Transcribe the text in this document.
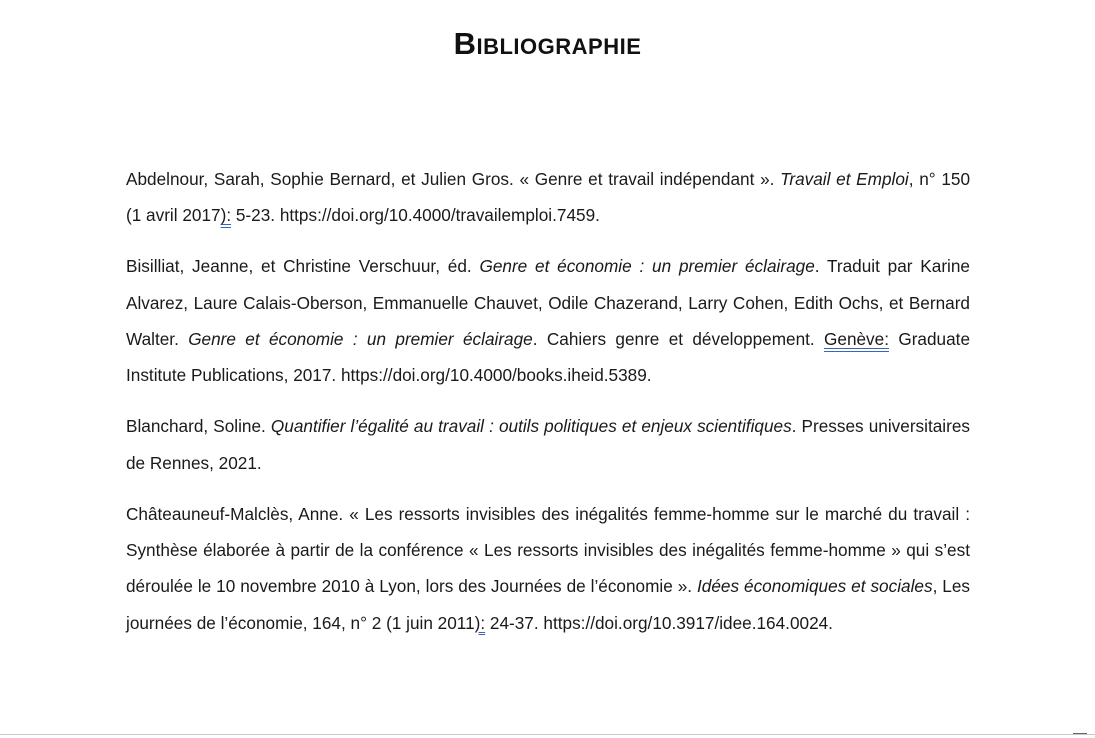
Bibliographie

Abdelnour, Sarah, Sophie Bernard, et Julien Gros. « Genre et travail indépendant ». Travail et Emploi, n° 150 (1 avril 2017): 5‑23. https://doi.org/10.4000/travailemploi.7459.

Bisilliat, Jeanne, et Christine Verschuur, éd. Genre et économie : un premier éclairage. Traduit par Karine Alvarez, Laure Calais-Oberson, Emmanuelle Chauvet, Odile Chazerand, Larry Cohen, Edith Ochs, et Bernard Walter. Genre et économie : un premier éclairage. Cahiers genre et développement. Genève: Graduate Institute Publications, 2017. https://doi.org/10.4000/books.iheid.5389.

Blanchard, Soline. Quantifier l’égalité au travail : outils politiques et enjeux scientifiques. Presses universitaires de Rennes, 2021.

Châteauneuf-Malclès, Anne. « Les ressorts invisibles des inégalités femme-homme sur le marché du travail : Synthèse élaborée à partir de la conférence « Les ressorts invisibles des inégalités femme-homme » qui s’est déroulée le 10 novembre 2010 à Lyon, lors des Journées de l’économie ». Idées économiques et sociales, Les journées de l’économie, 164, n° 2 (1 juin 2011): 24‑37. https://doi.org/10.3917/idee.164.0024.
